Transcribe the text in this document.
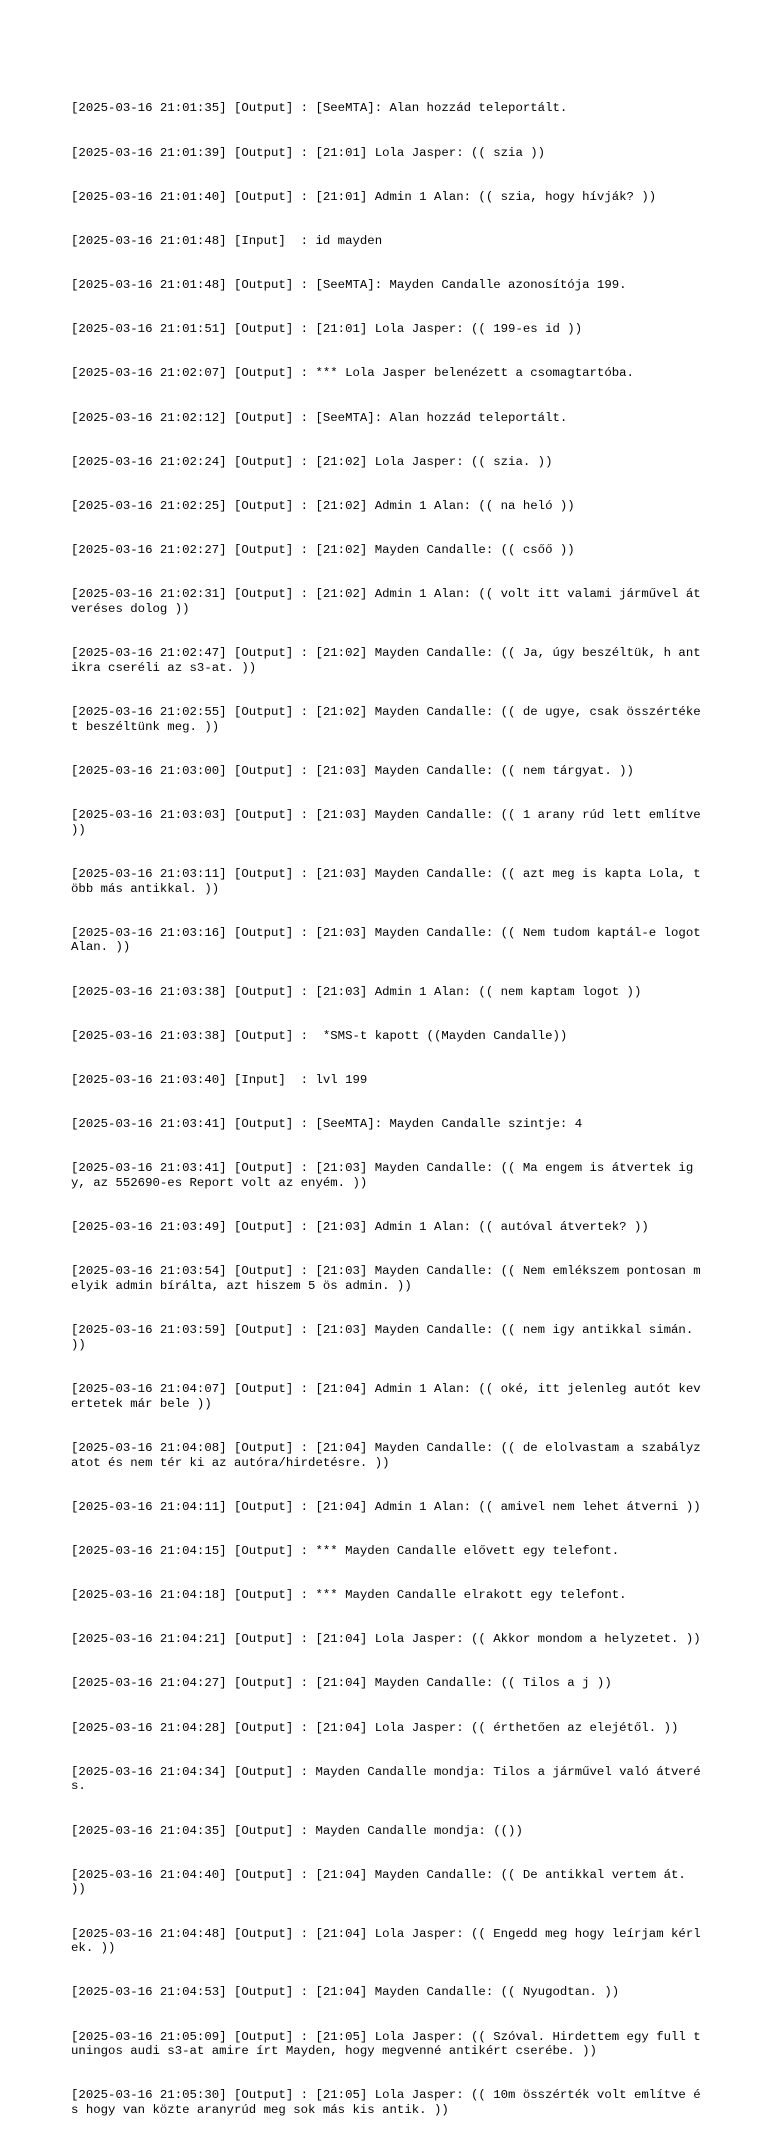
[2025-03-16 21:01:35] [Output] : [SeeMTA]: Alan hozzád teleportált.

[2025-03-16 21:01:39] [Output] : [21:01] Lola Jasper: (( szia ))

[2025-03-16 21:01:40] [Output] : [21:01] Admin 1 Alan: (( szia, hogy hívják? ))

[2025-03-16 21:01:48] [Input]  : id mayden

[2025-03-16 21:01:48] [Output] : [SeeMTA]: Mayden Candalle azonosítója 199.

[2025-03-16 21:01:51] [Output] : [21:01] Lola Jasper: (( 199-es id ))

[2025-03-16 21:02:07] [Output] : *** Lola Jasper belenézett a csomagtartóba.

[2025-03-16 21:02:12] [Output] : [SeeMTA]: Alan hozzád teleportált.

[2025-03-16 21:02:24] [Output] : [21:02] Lola Jasper: (( szia. ))

[2025-03-16 21:02:25] [Output] : [21:02] Admin 1 Alan: (( na heló ))

[2025-03-16 21:02:27] [Output] : [21:02] Mayden Candalle: (( csőő ))

[2025-03-16 21:02:31] [Output] : [21:02] Admin 1 Alan: (( volt itt valami járművel átveréses dolog ))

[2025-03-16 21:02:47] [Output] : [21:02] Mayden Candalle: (( Ja, úgy beszéltük, h antikra cseréli az s3-at. ))

[2025-03-16 21:02:55] [Output] : [21:02] Mayden Candalle: (( de ugye, csak összértéket beszéltünk meg. ))

[2025-03-16 21:03:00] [Output] : [21:03] Mayden Candalle: (( nem tárgyat. ))

[2025-03-16 21:03:03] [Output] : [21:03] Mayden Candalle: (( 1 arany rúd lett említve ))

[2025-03-16 21:03:11] [Output] : [21:03] Mayden Candalle: (( azt meg is kapta Lola, több más antikkal. ))

[2025-03-16 21:03:16] [Output] : [21:03] Mayden Candalle: (( Nem tudom kaptál-e logot Alan. ))

[2025-03-16 21:03:38] [Output] : [21:03] Admin 1 Alan: (( nem kaptam logot ))

[2025-03-16 21:03:38] [Output] :  *SMS-t kapott ((Mayden Candalle))

[2025-03-16 21:03:40] [Input]  : lvl 199

[2025-03-16 21:03:41] [Output] : [SeeMTA]: Mayden Candalle szintje: 4

[2025-03-16 21:03:41] [Output] : [21:03] Mayden Candalle: (( Ma engem is átvertek igy, az 552690-es Report volt az enyém. ))

[2025-03-16 21:03:49] [Output] : [21:03] Admin 1 Alan: (( autóval átvertek? ))

[2025-03-16 21:03:54] [Output] : [21:03] Mayden Candalle: (( Nem emlékszem pontosan melyik admin bírálta, azt hiszem 5 ös admin. ))

[2025-03-16 21:03:59] [Output] : [21:03] Mayden Candalle: (( nem igy antikkal simán. ))

[2025-03-16 21:04:07] [Output] : [21:04] Admin 1 Alan: (( oké, itt jelenleg autót kevertetek már bele ))

[2025-03-16 21:04:08] [Output] : [21:04] Mayden Candalle: (( de elolvastam a szabályzatot és nem tér ki az autóra/hirdetésre. ))

[2025-03-16 21:04:11] [Output] : [21:04] Admin 1 Alan: (( amivel nem lehet átverni ))

[2025-03-16 21:04:15] [Output] : *** Mayden Candalle elővett egy telefont.

[2025-03-16 21:04:18] [Output] : *** Mayden Candalle elrakott egy telefont.

[2025-03-16 21:04:21] [Output] : [21:04] Lola Jasper: (( Akkor mondom a helyzetet. ))

[2025-03-16 21:04:27] [Output] : [21:04] Mayden Candalle: (( Tilos a j ))

[2025-03-16 21:04:28] [Output] : [21:04] Lola Jasper: (( érthetően az elejétől. ))

[2025-03-16 21:04:34] [Output] : Mayden Candalle mondja: Tilos a járművel való átverés.

[2025-03-16 21:04:35] [Output] : Mayden Candalle mondja: (())

[2025-03-16 21:04:40] [Output] : [21:04] Mayden Candalle: (( De antikkal vertem át. ))

[2025-03-16 21:04:48] [Output] : [21:04] Lola Jasper: (( Engedd meg hogy leírjam kérlek. ))

[2025-03-16 21:04:53] [Output] : [21:04] Mayden Candalle: (( Nyugodtan. ))

[2025-03-16 21:05:09] [Output] : [21:05] Lola Jasper: (( Szóval. Hirdettem egy full tuningos audi s3-at amire írt Mayden, hogy megvenné antikért cserébe. ))

[2025-03-16 21:05:30] [Output] : [21:05] Lola Jasper: (( 10m összérték volt említve és hogy van közte aranyrúd meg sok más kis antik. ))
